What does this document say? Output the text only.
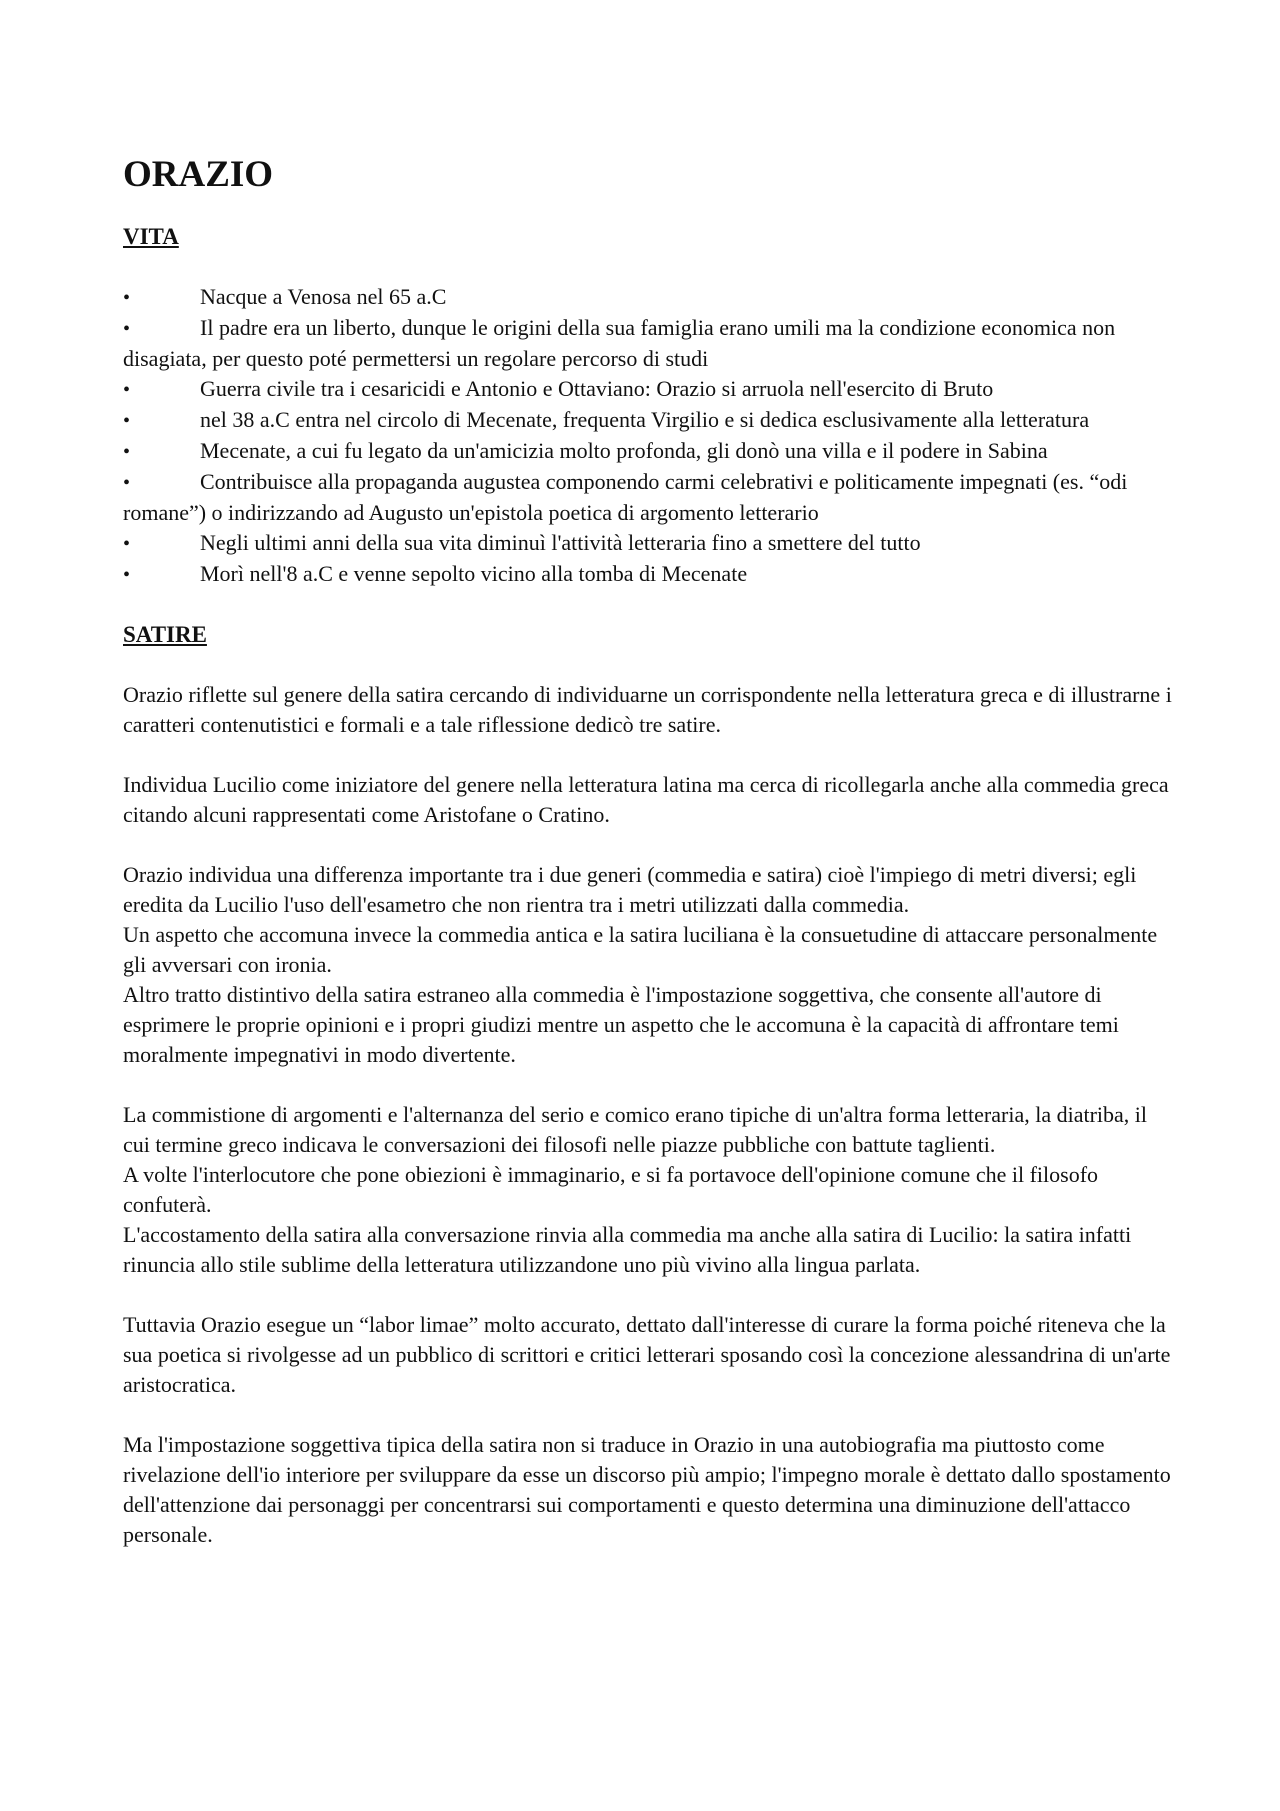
ORAZIO
VITA
•	Nacque a Venosa nel 65 a.C
•	Il padre era un liberto, dunque le origini della sua famiglia erano umili ma la condizione economica non disagiata, per questo poté permettersi un regolare percorso di studi
•	Guerra civile tra i cesaricidi e Antonio e Ottaviano: Orazio si arruola nell'esercito di Bruto
•	nel 38 a.C entra nel circolo di Mecenate, frequenta Virgilio e si dedica esclusivamente alla letteratura
•	Mecenate, a cui fu legato da un'amicizia molto profonda, gli donò una villa e il podere in Sabina
•	Contribuisce alla propaganda augustea componendo carmi celebrativi e politicamente impegnati (es. “odi romane”) o indirizzando ad Augusto un'epistola poetica di argomento letterario
•	Negli ultimi anni della sua vita diminuì l'attività letteraria fino a smettere del tutto
•	Morì nell'8 a.C e venne sepolto vicino alla tomba di Mecenate
SATIRE

Orazio riflette sul genere della satira cercando di individuarne un corrispondente nella letteratura greca e di illustrarne i caratteri contenutistici e formali e a tale riflessione dedicò tre satire.

Individua Lucilio come iniziatore del genere nella letteratura latina ma cerca di ricollegarla anche alla commedia greca citando alcuni rappresentati come Aristofane o Cratino.

Orazio individua una differenza importante tra i due generi (commedia e satira) cioè l'impiego di metri diversi; egli eredita da Lucilio l'uso dell'esametro che non rientra tra i metri utilizzati dalla commedia.

Un aspetto che accomuna invece la commedia antica e la satira luciliana è la consuetudine di attaccare personalmente gli avversari con ironia.

Altro tratto distintivo della satira estraneo alla commedia è l'impostazione soggettiva, che consente all'autore di esprimere le proprie opinioni e i propri giudizi mentre un aspetto che le accomuna è la capacità di affrontare temi moralmente impegnativi in modo divertente.

La commistione di argomenti e l'alternanza del serio e comico erano tipiche di un'altra forma letteraria, la diatriba, il cui termine greco indicava le conversazioni dei filosofi nelle piazze pubbliche con battute taglienti.

A volte l'interlocutore che pone obiezioni è immaginario, e si fa portavoce dell'opinione comune che il filosofo confuterà.

L'accostamento della satira alla conversazione rinvia alla commedia ma anche alla satira di Lucilio: la satira infatti rinuncia allo stile sublime della letteratura utilizzandone uno più vivino alla lingua parlata.

Tuttavia Orazio esegue un “labor limae” molto accurato, dettato dall'interesse di curare la forma poiché riteneva che la sua poetica si rivolgesse ad un pubblico di scrittori e critici letterari sposando così la concezione alessandrina di un'arte aristocratica.

Ma l'impostazione soggettiva tipica della satira non si traduce in Orazio in una autobiografia ma piuttosto come rivelazione dell'io interiore per sviluppare da esse un discorso più ampio; l'impegno morale è dettato dallo spostamento dell'attenzione dai personaggi per concentrarsi sui comportamenti e questo determina una diminuzione dell'attacco personale.
